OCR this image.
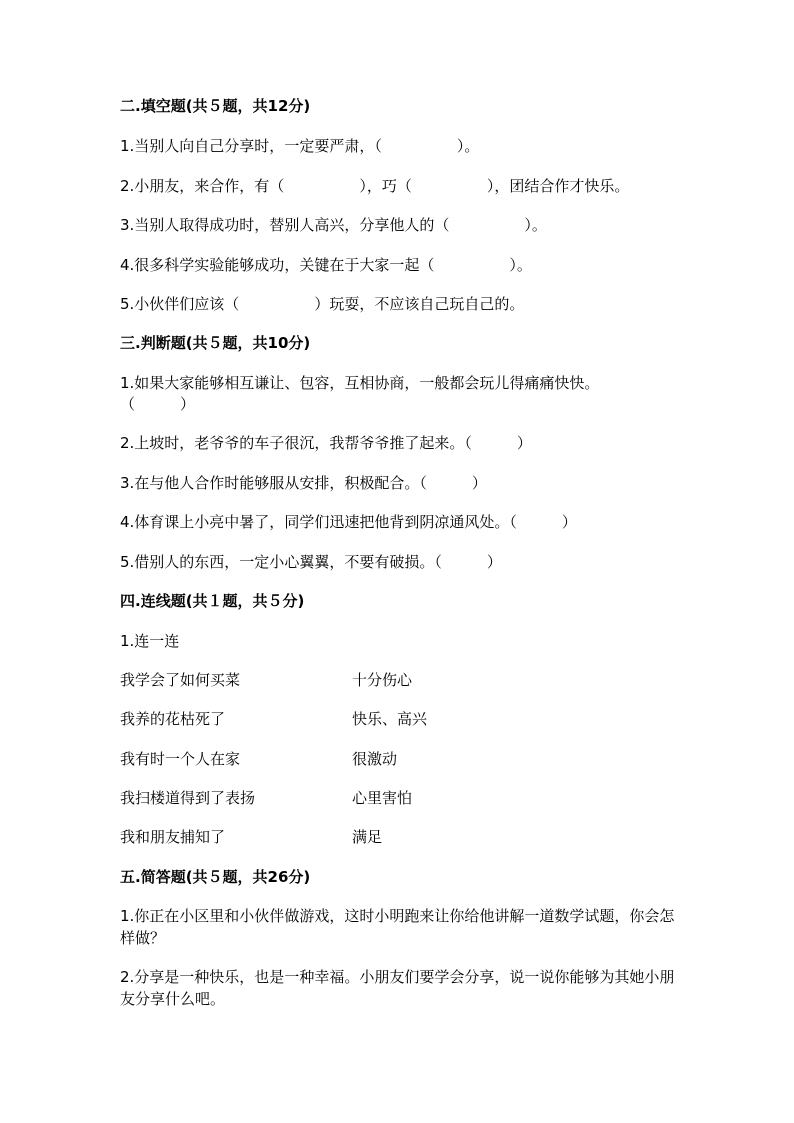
二.填空题(共５题，共12分)
1.当别人向自己分享时，一定要严肃，（　　　　　）。
2.小朋友，来合作，有（　　　　　），巧（　　　　　），团结合作才快乐。
3.当别人取得成功时，替别人高兴，分享他人的（　　　　　）。
4.很多科学实验能够成功，关键在于大家一起（　　　　　）。
5.小伙伴们应该（　　　　　）玩耍，不应该自己玩自己的。
三.判断题(共５题，共10分)
1.如果大家能够相互谦让、包容，互相协商，一般都会玩儿得痛痛快快。
（　　　）
2.上坡时，老爷爷的车子很沉，我帮爷爷推了起来。（　　　）
3.在与他人合作时能够服从安排，积极配合。（　　　）
4.体育课上小亮中暑了，同学们迅速把他背到阴凉通风处。（　　　）
5.借别人的东西，一定小心翼翼，不要有破损。（　　　）
四.连线题(共１题，共５分)
1.连一连
我学会了如何买菜	十分伤心
我养的花枯死了	快乐、高兴
我有时一个人在家	很激动
我扫楼道得到了表扬	心里害怕
我和朋友捕知了	满足
五.简答题(共５题，共26分)
1.你正在小区里和小伙伴做游戏，这时小明跑来让你给他讲解一道数学试题，你会怎样做？
2.分享是一种快乐，也是一种幸福。小朋友们要学会分享，说一说你能够为其她小朋友分享什么吧。
